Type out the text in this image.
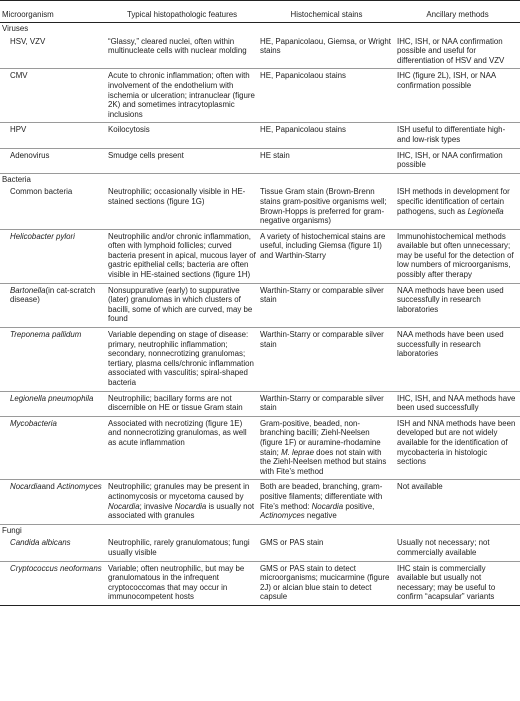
Microorganism	Typical histopathologic features	Histochemical stains	Ancillary methods
Viruses			
HSV, VZV	“Glassy,” cleared nuclei, often within multinucleate cells with nuclear molding	HE, Papanicolaou, Giemsa, or Wright stains	IHC, ISH, or NAA confirmation possible and useful for differentiation of HSV and VZV
CMV	Acute to chronic inflammation; often with involvement of the endothelium with ischemia or ulceration; intranuclear (figure 2K) and sometimes intracytoplasmic inclusions	HE, Papanicolaou stains	IHC (figure 2L), ISH, or NAA confirmation possible
HPV	Koilocytosis	HE, Papanicolaou stains	ISH useful to differentiate high- and low-risk types
Adenovirus	Smudge cells present	HE stain	IHC, ISH, or NAA confirmation possible
Bacteria			
Common bacteria	Neutrophilic; occasionally visible in HE-stained sections (figure 1G)	Tissue Gram stain (Brown-Brenn stains gram-positive organisms well; Brown-Hopps is preferred for gram-negative organisms)	ISH methods in development for specific identification of certain pathogens, such as Legionella
Helicobacter pylori	Neutrophilic and/or chronic inflammation, often with lymphoid follicles; curved bacteria present in apical, mucous layer of gastric epithelial cells; bacteria are often visible in HE-stained sections (figure 1H)	A variety of histochemical stains are useful, including Giemsa (figure 1I) and Warthin-Starry	Immunohistochemical methods available but often unnecessary; may be useful for the detection of low numbers of microorganisms, possibly after therapy
Bartonella(in cat-scratch disease)	Nonsuppurative (early) to suppurative (later) granulomas in which clusters of bacilli, some of which are curved, may be found	Warthin-Starry or comparable silver stain	NAA methods have been used successfully in research laboratories
Treponema pallidum	Variable depending on stage of disease: primary, neutrophilic inflammation; secondary, nonnecrotizing granulomas; tertiary, plasma cells/chronic inflammation associated with vasculitis; spiral-shaped bacteria	Warthin-Starry or comparable silver stain	NAA methods have been used successfully in research laboratories
Legionella pneumophila	Neutrophilic; bacillary forms are not discernible on HE or tissue Gram stain	Warthin-Starry or comparable silver stain	IHC, ISH, and NAA methods have been used successfully
Mycobacteria	Associated with necrotizing (figure 1E) and nonnecrotizing granulomas, as well as acute inflammation	Gram-positive, beaded, non-branching bacilli; Ziehl-Neelsen (figure 1F) or auramine-rhodamine stain; M. leprae does not stain with the Ziehl-Neelsen method but stains with Fite’s method	ISH and NNA methods have been developed but are not widely available for the identification of mycobacteria in histologic sections
Nocardiaand Actinomyces	Neutrophilic; granules may be present in actinomycosis or mycetoma caused by Nocardia; invasive Nocardia is usually not associated with granules	Both are beaded, branching, gram-positive filaments; differentiate with Fite’s method: Nocardia positive, Actinomyces negative	Not available
Fungi			
Candida albicans	Neutrophilic, rarely granulomatous; fungi usually visible	GMS or PAS stain	Usually not necessary; not commercially available
Cryptococcus neoformans	Variable; often neutrophilic, but may be granulomatous in the infrequent cryptococcomas that may occur in immunocompetent hosts	GMS or PAS stain to detect microorganisms; mucicarmine (figure 2J) or alcian blue stain to detect capsule	IHC stain is commercially available but usually not necessary; may be useful to confirm “acapsular” variants
